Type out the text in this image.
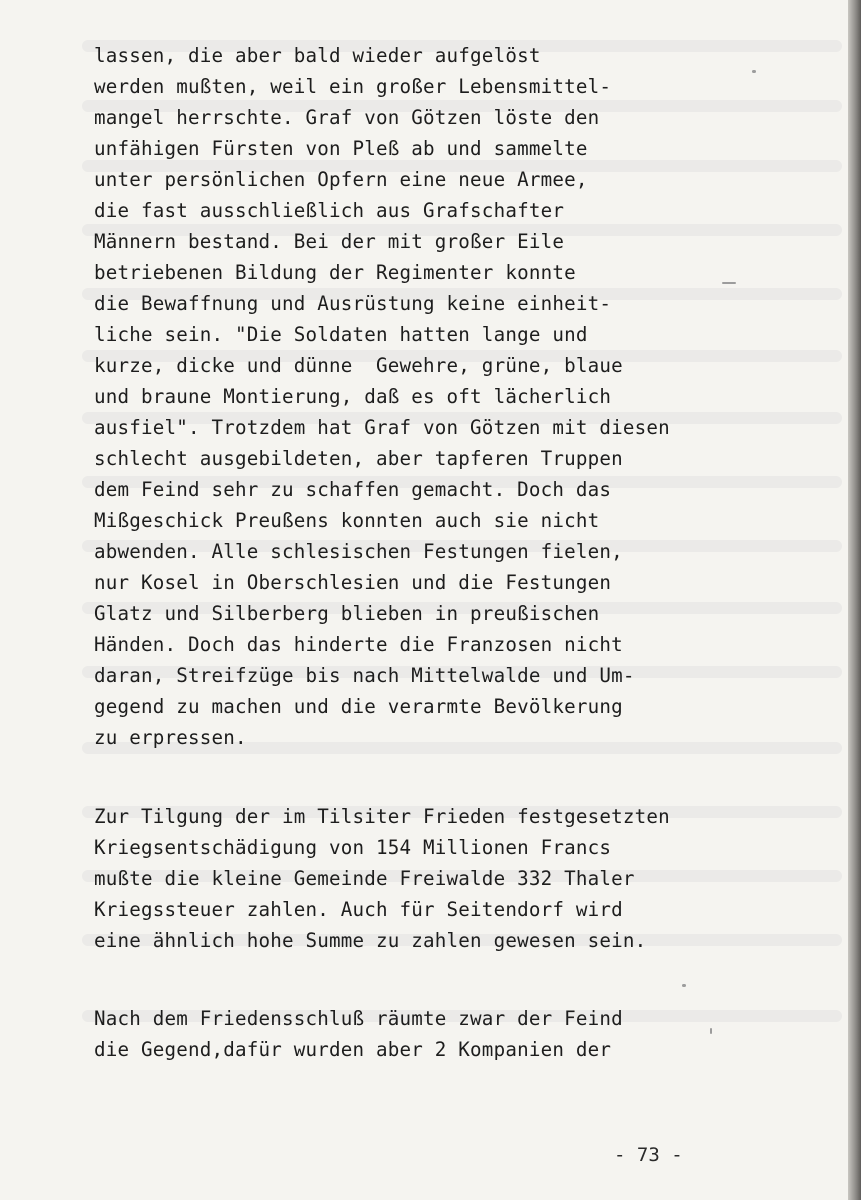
lassen, die aber bald wieder aufgelöst
werden mußten, weil ein großer Lebensmittel-
mangel herrschte. Graf von Götzen löste den
unfähigen Fürsten von Pleß ab und sammelte
unter persönlichen Opfern eine neue Armee,
die fast ausschließlich aus Grafschafter
Männern bestand. Bei der mit großer Eile
betriebenen Bildung der Regimenter konnte
die Bewaffnung und Ausrüstung keine einheit-
liche sein. "Die Soldaten hatten lange und
kurze, dicke und dünne  Gewehre, grüne, blaue
und braune Montierung, daß es oft lächerlich
ausfiel". Trotzdem hat Graf von Götzen mit diesen
schlecht ausgebildeten, aber tapferen Truppen
dem Feind sehr zu schaffen gemacht. Doch das
Mißgeschick Preußens konnten auch sie nicht
abwenden. Alle schlesischen Festungen fielen,
nur Kosel in Oberschlesien und die Festungen
Glatz und Silberberg blieben in preußischen
Händen. Doch das hinderte die Franzosen nicht
daran, Streifzüge bis nach Mittelwalde und Um-
gegend zu machen und die verarmte Bevölkerung
zu erpressen.
Zur Tilgung der im Tilsiter Frieden festgesetzten
Kriegsentschädigung von 154 Millionen Francs
mußte die kleine Gemeinde Freiwalde 332 Thaler
Kriegssteuer zahlen. Auch für Seitendorf wird
eine ähnlich hohe Summe zu zahlen gewesen sein.
Nach dem Friedensschluß räumte zwar der Feind
die Gegend,dafür wurden aber 2 Kompanien der
- 73 -
